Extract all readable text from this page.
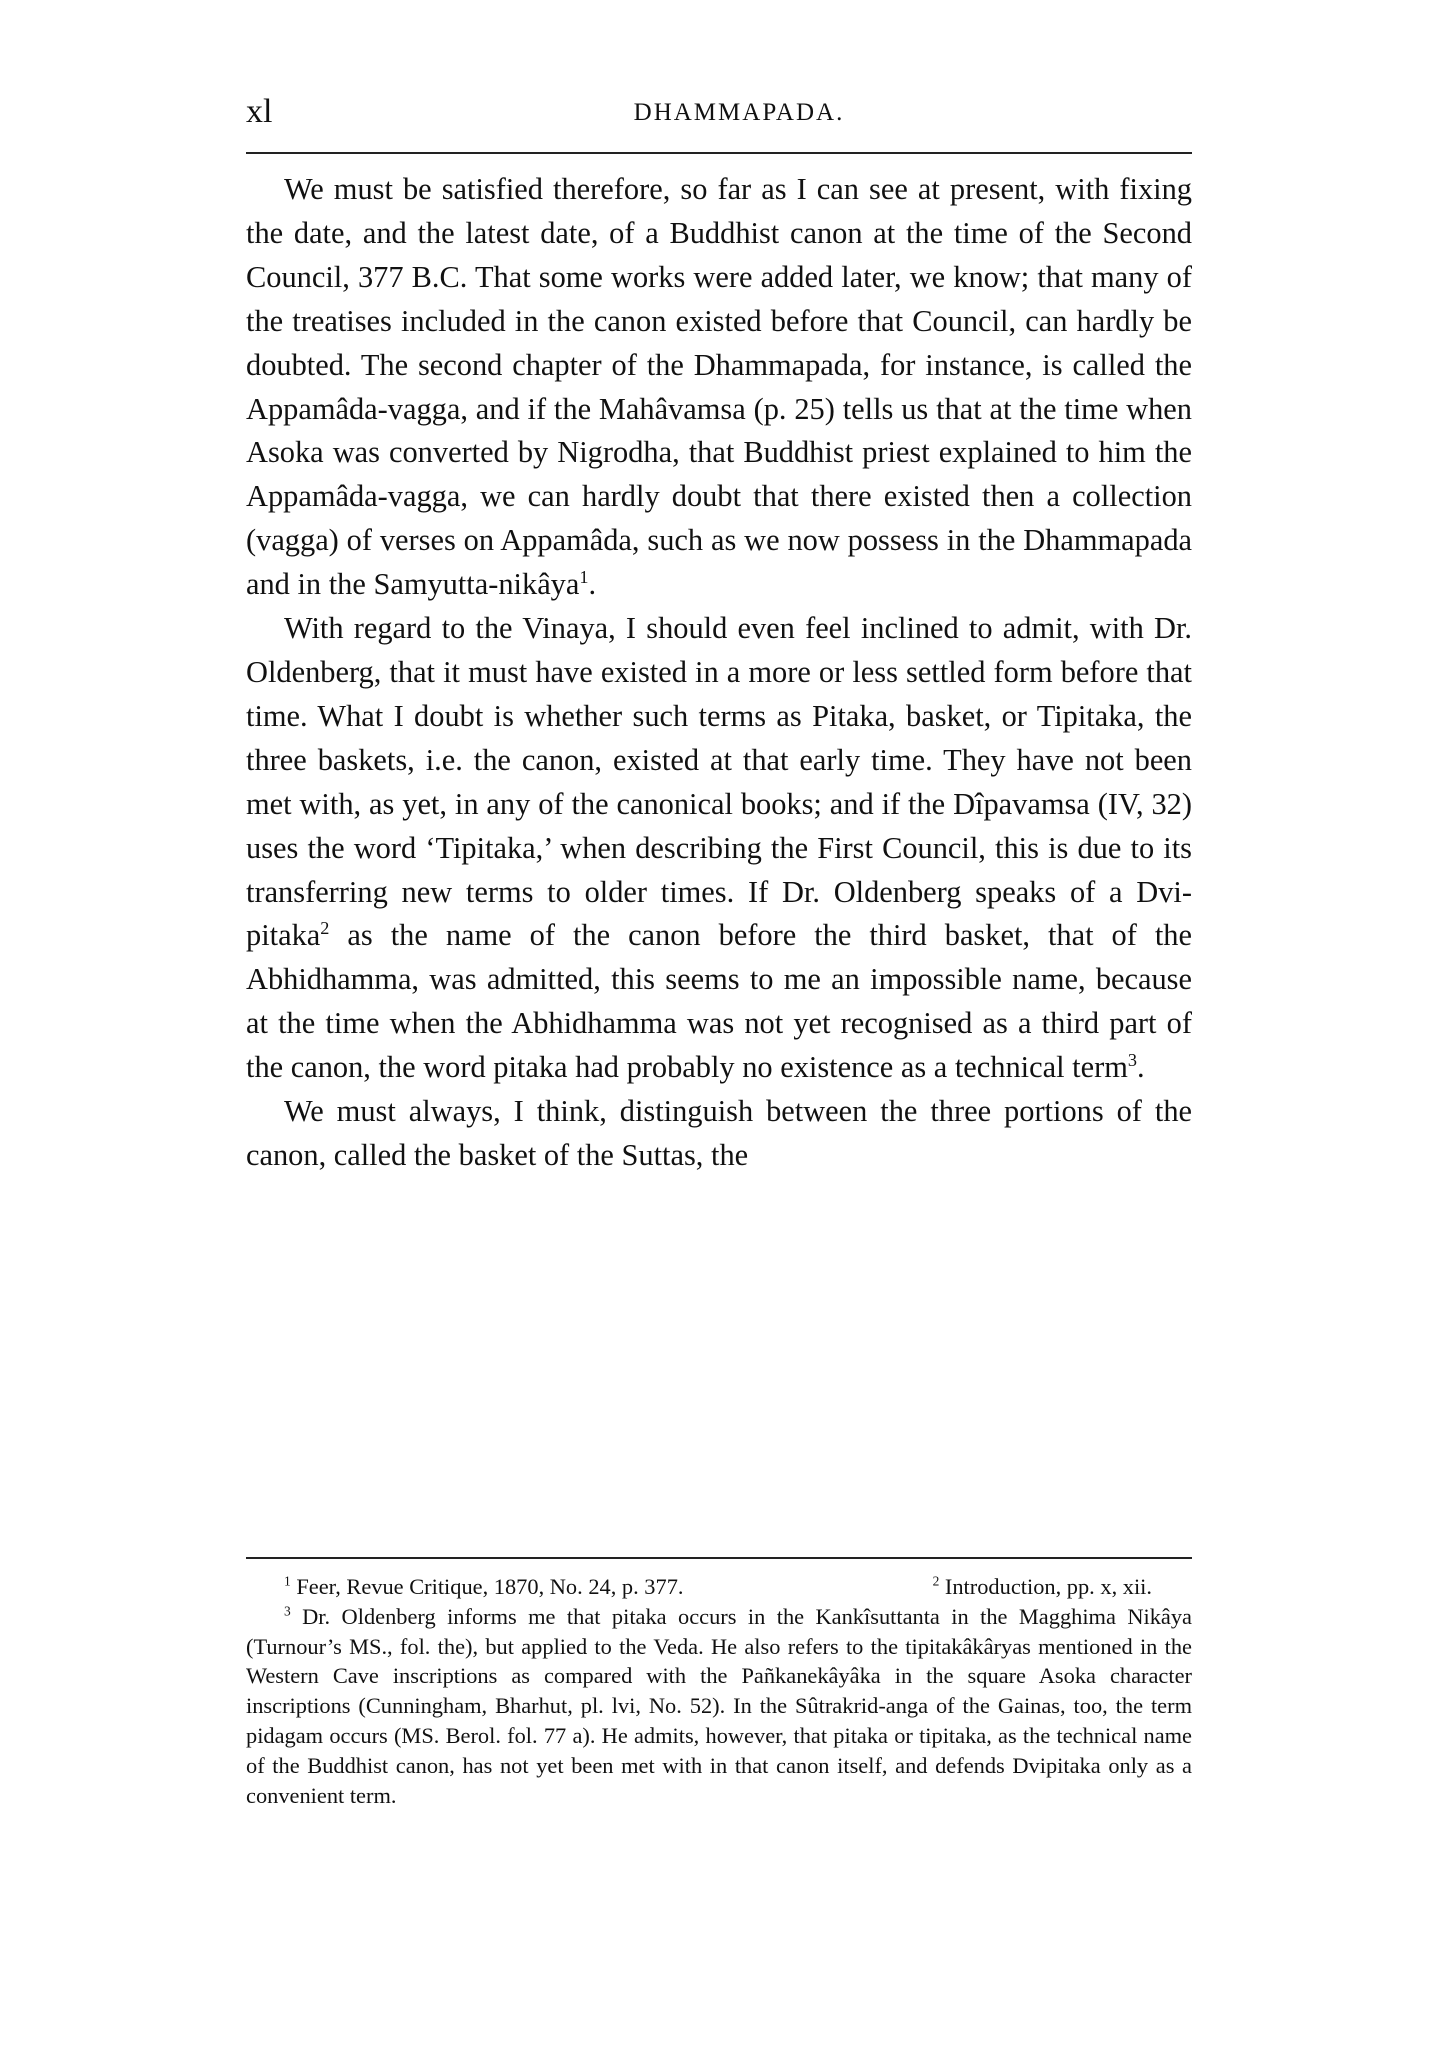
xl	DHAMMAPADA.

We must be satisfied therefore, so far as I can see at present, with fixing the date, and the latest date, of a Buddhist canon at the time of the Second Council, 377 B.C. That some works were added later, we know; that many of the treatises included in the canon existed before that Council, can hardly be doubted. The second chapter of the Dhammapada, for instance, is called the Appamâda-vagga, and if the Mahâvamsa (p. 25) tells us that at the time when Asoka was converted by Nigrodha, that Buddhist priest explained to him the Appamâda-vagga, we can hardly doubt that there existed then a collection (vagga) of verses on Appamâda, such as we now possess in the Dhammapada and in the Samyutta-nikâya$^1$.

With regard to the Vinaya, I should even feel inclined to admit, with Dr. Oldenberg, that it must have existed in a more or less settled form before that time. What I doubt is whether such terms as Pitaka, basket, or Tipitaka, the three baskets, i.e. the canon, existed at that early time. They have not been met with, as yet, in any of the canonical books; and if the Dîpavamsa (IV, 32) uses the word ‘Tipitaka,’ when describing the First Council, this is due to its transferring new terms to older times. If Dr. Oldenberg speaks of a Dvi-pitaka$^2$ as the name of the canon before the third basket, that of the Abhidhamma, was admitted, this seems to me an impossible name, because at the time when the Abhidhamma was not yet recognised as a third part of the canon, the word pitaka had probably no existence as a technical term$^3$.

We must always, I think, distinguish between the three portions of the canon, called the basket of the Suttas, the

$^1$ Feer, Revue Critique, 1870, No. 24, p. 377.	$^2$ Introduction, pp. x, xii.

$^3$ Dr. Oldenberg informs me that pitaka occurs in the Kankîsuttanta in the Magghima Nikâya (Turnour’s MS., fol. the), but applied to the Veda. He also refers to the tipitakâkâryas mentioned in the Western Cave inscriptions as compared with the Pañkanekâyâka in the square Asoka character inscriptions (Cunningham, Bharhut, pl. lvi, No. 52). In the Sûtrakrid-anga of the Gainas, too, the term pidagam occurs (MS. Berol. fol. 77 a). He admits, however, that pitaka or tipitaka, as the technical name of the Buddhist canon, has not yet been met with in that canon itself, and defends Dvipitaka only as a convenient term.
